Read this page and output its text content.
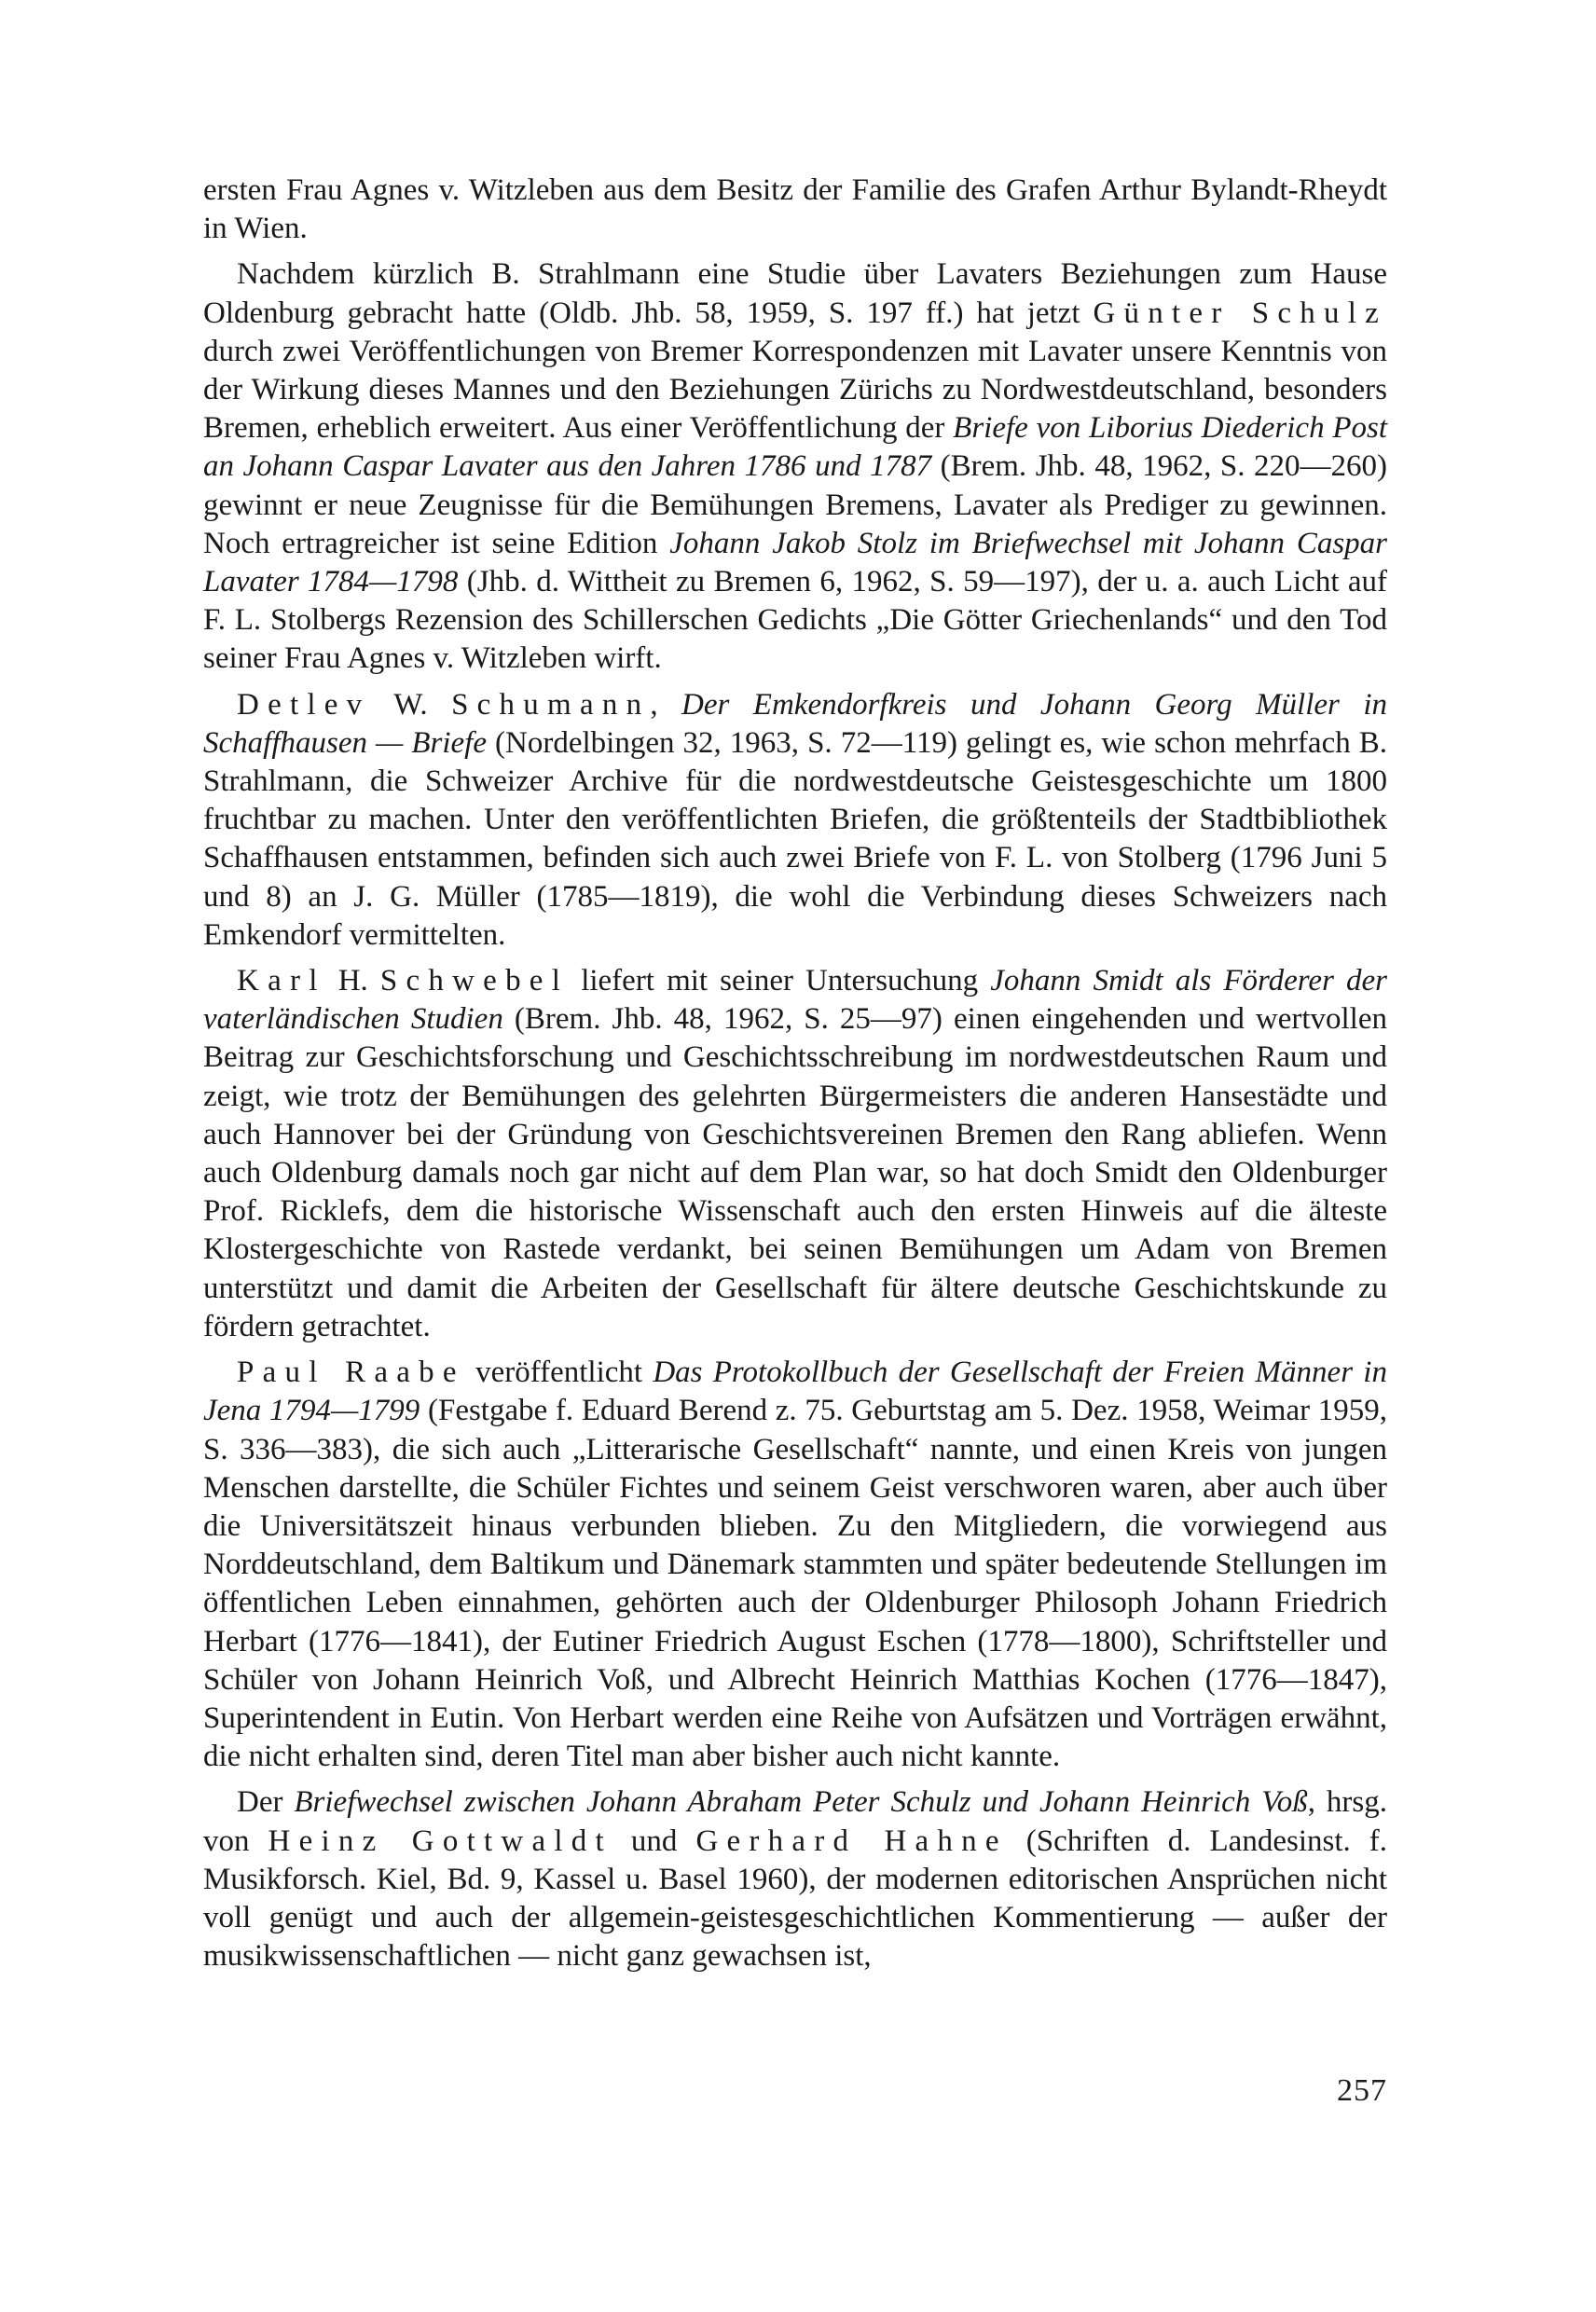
ersten Frau Agnes v. Witzleben aus dem Besitz der Familie des Grafen Arthur Bylandt-Rheydt in Wien.

Nachdem kürzlich B. Strahlmann eine Studie über Lavaters Beziehungen zum Hause Oldenburg gebracht hatte (Oldb. Jhb. 58, 1959, S. 197 ff.) hat jetzt Günter Schulz durch zwei Veröffentlichungen von Bremer Korrespondenzen mit Lavater unsere Kenntnis von der Wirkung dieses Mannes und den Beziehungen Zürichs zu Nordwestdeutschland, besonders Bremen, erheblich erweitert. Aus einer Veröffentlichung der Briefe von Liborius Diederich Post an Johann Caspar Lavater aus den Jahren 1786 und 1787 (Brem. Jhb. 48, 1962, S. 220—260) gewinnt er neue Zeugnisse für die Bemühungen Bremens, Lavater als Prediger zu gewinnen. Noch ertragreicher ist seine Edition Johann Jakob Stolz im Briefwechsel mit Johann Caspar Lavater 1784—1798 (Jhb. d. Wittheit zu Bremen 6, 1962, S. 59—197), der u. a. auch Licht auf F. L. Stolbergs Rezension des Schillerschen Gedichts „Die Götter Griechenlands“ und den Tod seiner Frau Agnes v. Witzleben wirft.

Detlev W. Schumann, Der Emkendorfkreis und Johann Georg Müller in Schaffhausen — Briefe (Nordelbingen 32, 1963, S. 72—119) gelingt es, wie schon mehrfach B. Strahlmann, die Schweizer Archive für die nordwestdeutsche Geistesgeschichte um 1800 fruchtbar zu machen. Unter den veröffentlichten Briefen, die größtenteils der Stadtbibliothek Schaffhausen entstammen, befinden sich auch zwei Briefe von F. L. von Stolberg (1796 Juni 5 und 8) an J. G. Müller (1785—1819), die wohl die Verbindung dieses Schweizers nach Emkendorf vermittelten.

Karl H. Schwebel liefert mit seiner Untersuchung Johann Smidt als Förderer der vaterländischen Studien (Brem. Jhb. 48, 1962, S. 25—97) einen eingehenden und wertvollen Beitrag zur Geschichtsforschung und Geschichtsschreibung im nordwestdeutschen Raum und zeigt, wie trotz der Bemühungen des gelehrten Bürgermeisters die anderen Hansestädte und auch Hannover bei der Gründung von Geschichtsvereinen Bremen den Rang abliefen. Wenn auch Oldenburg damals noch gar nicht auf dem Plan war, so hat doch Smidt den Oldenburger Prof. Ricklefs, dem die historische Wissenschaft auch den ersten Hinweis auf die älteste Klostergeschichte von Rastede verdankt, bei seinen Bemühungen um Adam von Bremen unterstützt und damit die Arbeiten der Gesellschaft für ältere deutsche Geschichtskunde zu fördern getrachtet.

Paul Raabe veröffentlicht Das Protokollbuch der Gesellschaft der Freien Männer in Jena 1794—1799 (Festgabe f. Eduard Berend z. 75. Geburtstag am 5. Dez. 1958, Weimar 1959, S. 336—383), die sich auch „Litterarische Gesellschaft“ nannte, und einen Kreis von jungen Menschen darstellte, die Schüler Fichtes und seinem Geist verschworen waren, aber auch über die Universitätszeit hinaus verbunden blieben. Zu den Mitgliedern, die vorwiegend aus Norddeutschland, dem Baltikum und Dänemark stammten und später bedeutende Stellungen im öffentlichen Leben einnahmen, gehörten auch der Oldenburger Philosoph Johann Friedrich Herbart (1776—1841), der Eutiner Friedrich August Eschen (1778—1800), Schriftsteller und Schüler von Johann Heinrich Voß, und Albrecht Heinrich Matthias Kochen (1776—1847), Superintendent in Eutin. Von Herbart werden eine Reihe von Aufsätzen und Vorträgen erwähnt, die nicht erhalten sind, deren Titel man aber bisher auch nicht kannte.

Der Briefwechsel zwischen Johann Abraham Peter Schulz und Johann Heinrich Voß, hrsg. von Heinz Gottwaldt und Gerhard Hahne (Schriften d. Landesinst. f. Musikforsch. Kiel, Bd. 9, Kassel u. Basel 1960), der modernen editorischen Ansprüchen nicht voll genügt und auch der allgemein-geistesgeschichtlichen Kommentierung — außer der musikwissenschaftlichen — nicht ganz gewachsen ist,

257
